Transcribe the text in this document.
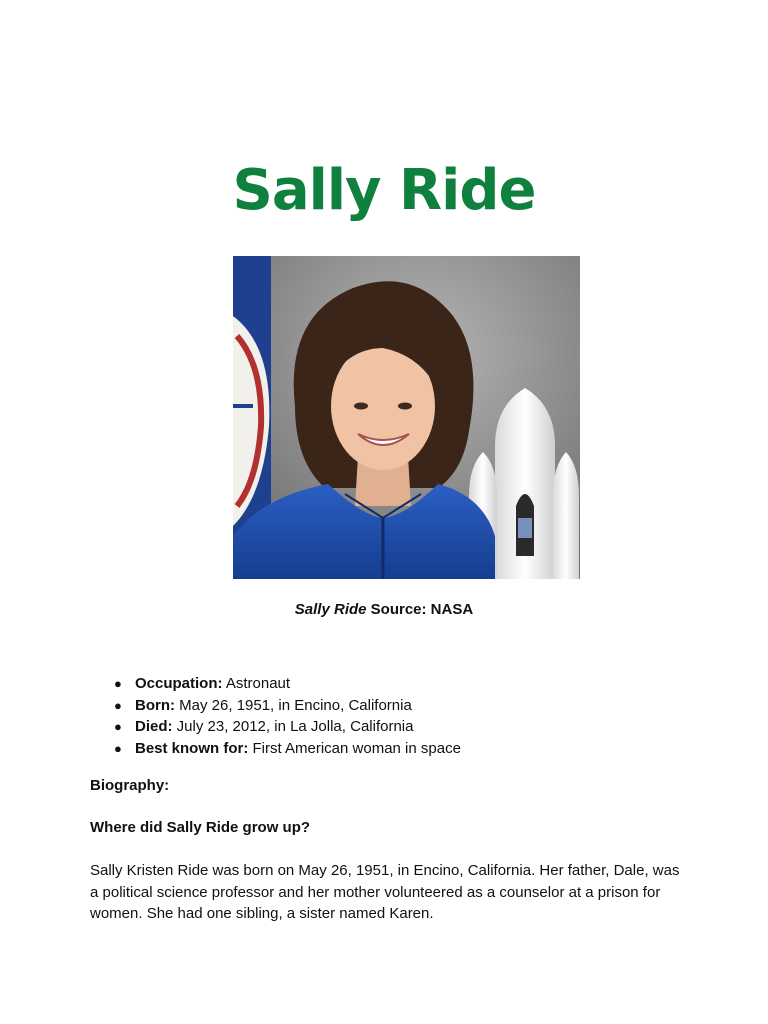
Sally Ride
Sally Ride Source: NASA
● Occupation: Astronaut
● Born: May 26, 1951, in Encino, California
● Died: July 23, 2012, in La Jolla, California
● Best known for: First American woman in space
Biography:
Where did Sally Ride grow up?

Sally Kristen Ride was born on May 26, 1951, in Encino, California. Her father, Dale, was a political science professor and her mother volunteered as a counselor at a prison for women. She had one sibling, a sister named Karen.
